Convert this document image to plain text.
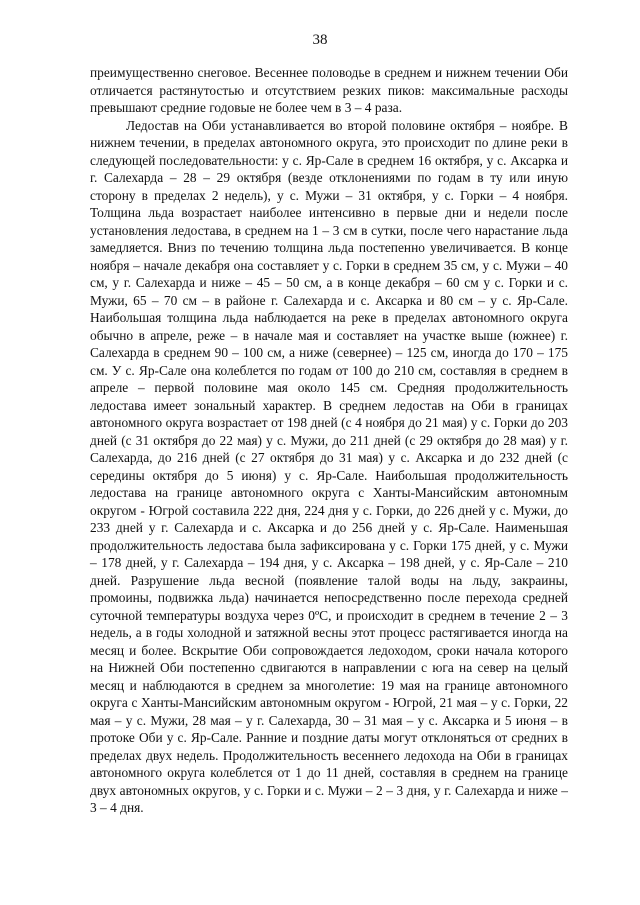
38

преимущественно снеговое. Весеннее половодье в среднем и нижнем течении Оби отличается растянутостью и отсутствием резких пиков: максимальные расходы превышают средние годовые не более чем в 3 – 4 раза.

Ледостав на Оби устанавливается во второй половине октября – ноябре. В нижнем течении, в пределах автономного округа, это происходит по длине реки в следующей последовательности: у с. Яр-Сале в среднем 16 октября, у с. Аксарка и г. Салехарда – 28 – 29 октября (везде отклонениями по годам в ту или иную сторону в пределах 2 недель), у с. Мужи – 31 октября, у с. Горки – 4 ноября. Толщина льда возрастает наиболее интенсивно в первые дни и недели после установления ледостава, в среднем на 1 – 3 см в сутки, после чего нарастание льда замедляется. Вниз по течению толщина льда постепенно увеличивается. В конце ноября – начале декабря она составляет у с. Горки в среднем 35 см, у с. Мужи – 40 см, у г. Салехарда и ниже – 45 – 50 см, а в конце декабря – 60 см у с. Горки и с. Мужи, 65 – 70 см – в районе г. Салехарда и с. Аксарка и 80 см – у с. Яр-Сале. Наибольшая толщина льда наблюдается на реке в пределах автономного округа обычно в апреле, реже – в начале мая и составляет на участке выше (южнее) г. Салехарда в среднем 90 – 100 см, а ниже (севернее) – 125 см, иногда до 170 – 175 см. У с. Яр-Сале она колеблется по годам от 100 до 210 см, составляя в среднем в апреле – первой половине мая около 145 см. Средняя продолжительность ледостава имеет зональный характер. В среднем ледостав на Оби в границах автономного округа возрастает от 198 дней (с 4 ноября до 21 мая) у с. Горки до 203 дней (с 31 октября до 22 мая) у с. Мужи, до 211 дней (с 29 октября до 28 мая) у г. Салехарда, до 216 дней (с 27 октября до 31 мая) у с. Аксарка и до 232 дней (с середины октября до 5 июня) у с. Яр-Сале. Наибольшая продолжительность ледостава на границе автономного округа с Ханты-Мансийским автономным округом - Югрой составила 222 дня, 224 дня у с. Горки, до 226 дней у с. Мужи, до 233 дней у г. Салехарда и с. Аксарка и до 256 дней у с. Яр-Сале. Наименьшая продолжительность ледостава была зафиксирована у с. Горки 175 дней, у с. Мужи – 178 дней, у г. Салехарда – 194 дня, у с. Аксарка – 198 дней, у с. Яр-Сале – 210 дней. Разрушение льда весной (появление талой воды на льду, закраины, промоины, подвижка льда) начинается непосредственно после перехода средней суточной температуры воздуха через 0ºС, и происходит в среднем в течение 2 – 3 недель, а в годы холодной и затяжной весны этот процесс растягивается иногда на месяц и более. Вскрытие Оби сопровождается ледоходом, сроки начала которого на Нижней Оби постепенно сдвигаются в направлении с юга на север на целый месяц и наблюдаются в среднем за многолетие: 19 мая на границе автономного округа с Ханты-Мансийским автономным округом - Югрой, 21 мая – у с. Горки, 22 мая – у с. Мужи, 28 мая – у г. Салехарда, 30 – 31 мая – у с. Аксарка и 5 июня – в протоке Оби у с. Яр-Сале. Ранние и поздние даты могут отклоняться от средних в пределах двух недель. Продолжительность весеннего ледохода на Оби в границах автономного округа колеблется от 1 до 11 дней, составляя в среднем на границе двух автономных округов, у с. Горки и с. Мужи – 2 – 3 дня, у г. Салехарда и ниже – 3 – 4 дня.
